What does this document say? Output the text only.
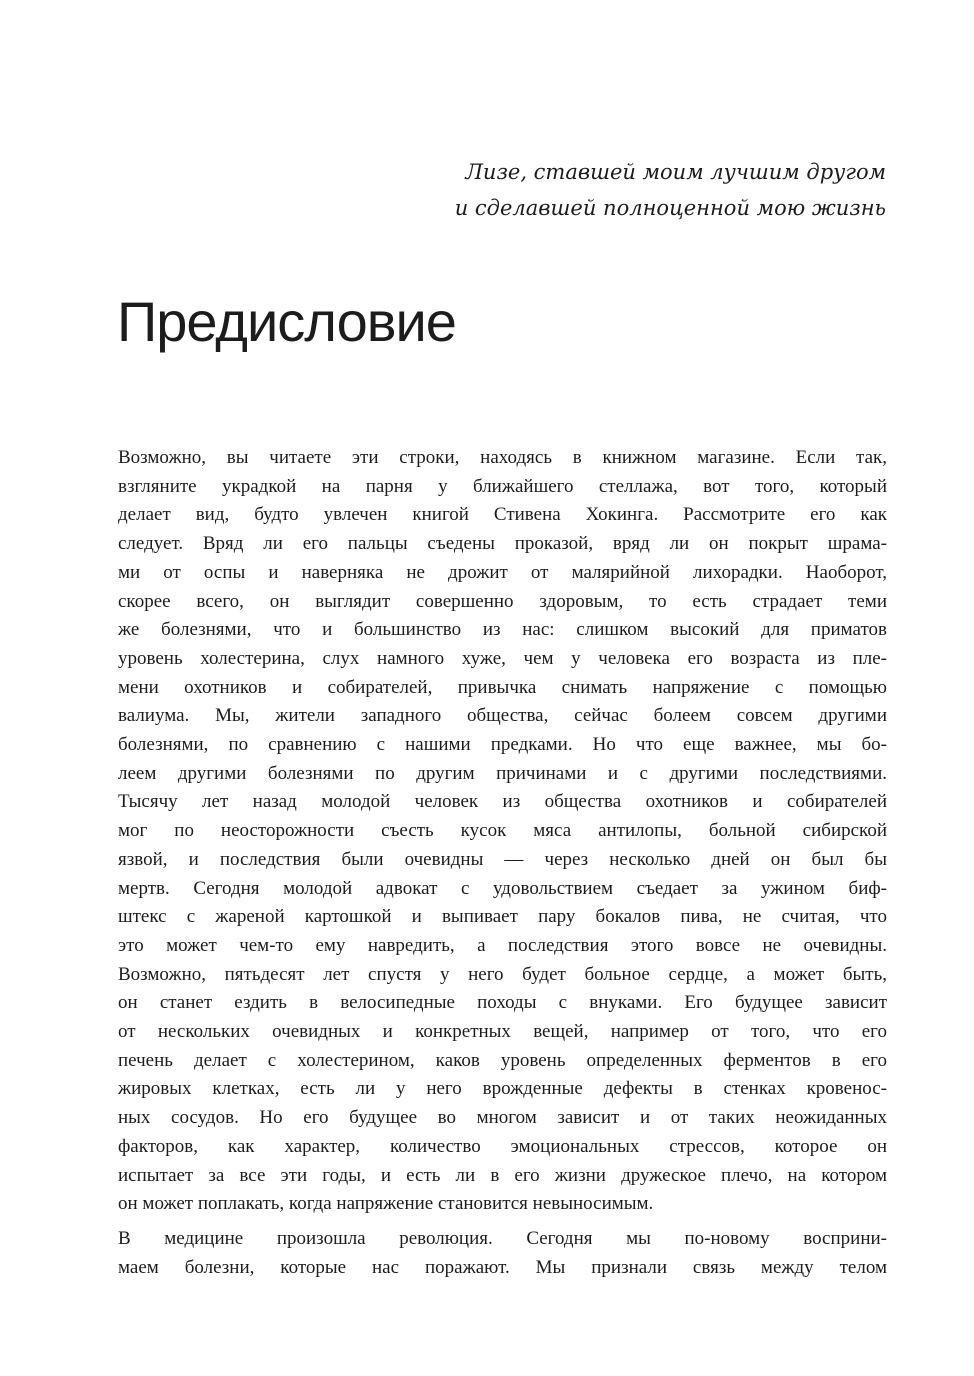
Лизе, ставшей моим лучшим другом
и сделавшей полноценной мою жизнь
Предисловие
Возможно, вы читаете эти строки, находясь в книжном магазине. Если так,
взгляните украдкой на парня у ближайшего стеллажа, вот того, который
делает вид, будто увлечен книгой Стивена Хокинга. Рассмотрите его как
следует. Вряд ли его пальцы съедены проказой, вряд ли он покрыт шрама-
ми от оспы и наверняка не дрожит от малярийной лихорадки. Наоборот,
скорее всего, он выглядит совершенно здоровым, то есть страдает теми
же болезнями, что и большинство из нас: слишком высокий для приматов
уровень холестерина, слух намного хуже, чем у человека его возраста из пле-
мени охотников и собирателей, привычка снимать напряжение с помощью
валиума. Мы, жители западного общества, сейчас болеем совсем другими
болезнями, по сравнению с нашими предками. Но что еще важнее, мы бо-
леем другими болезнями по другим причинами и с другими последствиями.
Тысячу лет назад молодой человек из общества охотников и собирателей
мог по неосторожности съесть кусок мяса антилопы, больной сибирской
язвой, и последствия были очевидны — через несколько дней он был бы
мертв. Сегодня молодой адвокат с удовольствием съедает за ужином биф-
штекс с жареной картошкой и выпивает пару бокалов пива, не считая, что
это может чем-то ему навредить, а последствия этого вовсе не очевидны.
Возможно, пятьдесят лет спустя у него будет больное сердце, а может быть,
он станет ездить в велосипедные походы с внуками. Его будущее зависит
от нескольких очевидных и конкретных вещей, например от того, что его
печень делает с холестерином, каков уровень определенных ферментов в его
жировых клетках, есть ли у него врожденные дефекты в стенках кровенос-
ных сосудов. Но его будущее во многом зависит и от таких неожиданных
факторов, как характер, количество эмоциональных стрессов, которое он
испытает за все эти годы, и есть ли в его жизни дружеское плечо, на котором
он может поплакать, когда напряжение становится невыносимым.
В медицине произошла революция. Сегодня мы по-новому восприни-
маем болезни, которые нас поражают. Мы признали связь между телом
